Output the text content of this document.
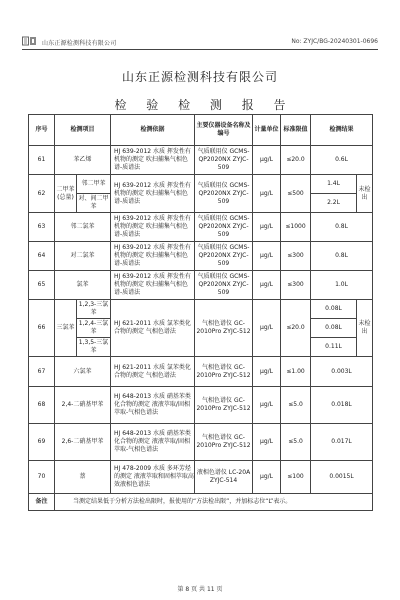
山东正源检测科技有限公司	No: ZYJC/BG-20240301-0696
山东正源检测科技有限公司
检 验 检 测 报 告
序号	检测项目		检测依据	主要仪器设备名称及编号	计量单位	标准限值	检测结果	
61	苯乙烯		HJ 639-2012 水质 挥发性有机物的测定 吹扫捕集气相色谱-质谱法	气质联用仪 GCMS-QP2020NX ZYJC-509	μg/L	≤20.0	0.6L	
62	二甲苯(总量)	邻二甲苯	HJ 639-2012 水质 挥发性有机物的测定 吹扫捕集气相色谱-质谱法	气质联用仪 GCMS-QP2020NX ZYJC-509	μg/L	≤500	1.4L	未检出
		对、间二甲苯					2.2L	
63	邻二氯苯		HJ 639-2012 水质 挥发性有机物的测定 吹扫捕集气相色谱-质谱法	气质联用仪 GCMS-QP2020NX ZYJC-509	μg/L	≤1000	0.8L	
64	对二氯苯		HJ 639-2012 水质 挥发性有机物的测定 吹扫捕集气相色谱-质谱法	气质联用仪 GCMS-QP2020NX ZYJC-509	μg/L	≤300	0.8L	
65	氯苯		HJ 639-2012 水质 挥发性有机物的测定 吹扫捕集气相色谱-质谱法	气质联用仪 GCMS-QP2020NX ZYJC-509	μg/L	≤300	1.0L	
66	三氯苯	1,2,3-三氯苯	HJ 621-2011 水质 氯苯类化合物的测定 气相色谱法	气相色谱仪 GC-2010Pro ZYJC-512	μg/L	≤20.0	0.08L	未检出
		1,2,4-三氯苯					0.08L	
		1,3,5-三氯苯					0.11L	
67	六氯苯		HJ 621-2011 水质 氯苯类化合物的测定 气相色谱法	气相色谱仪 GC-2010Pro ZYJC-512	μg/L	≤1.00	0.003L	
68	2,4-二硝基甲苯		HJ 648-2013 水质 硝基苯类化合物的测定 液液萃取/固相萃取-气相色谱法	气相色谱仪 GC-2010Pro ZYJC-512	μg/L	≤5.0	0.018L	
69	2,6-二硝基甲苯		HJ 648-2013 水质 硝基苯类化合物的测定 液液萃取/固相萃取-气相色谱法	气相色谱仪 GC-2010Pro ZYJC-512	μg/L	≤5.0	0.017L	
70	萘		HJ 478-2009 水质 多环芳烃的测定 液液萃取和固相萃取高效液相色谱法	液相色谱仪 LC-20A ZYJC-514	μg/L	≤100	0.0015L	
备注	当测定结果低于分析方法检出限时，报使用的“方法检出限”，并加标志位“L”表示。							
第 8 页 共 11 页
